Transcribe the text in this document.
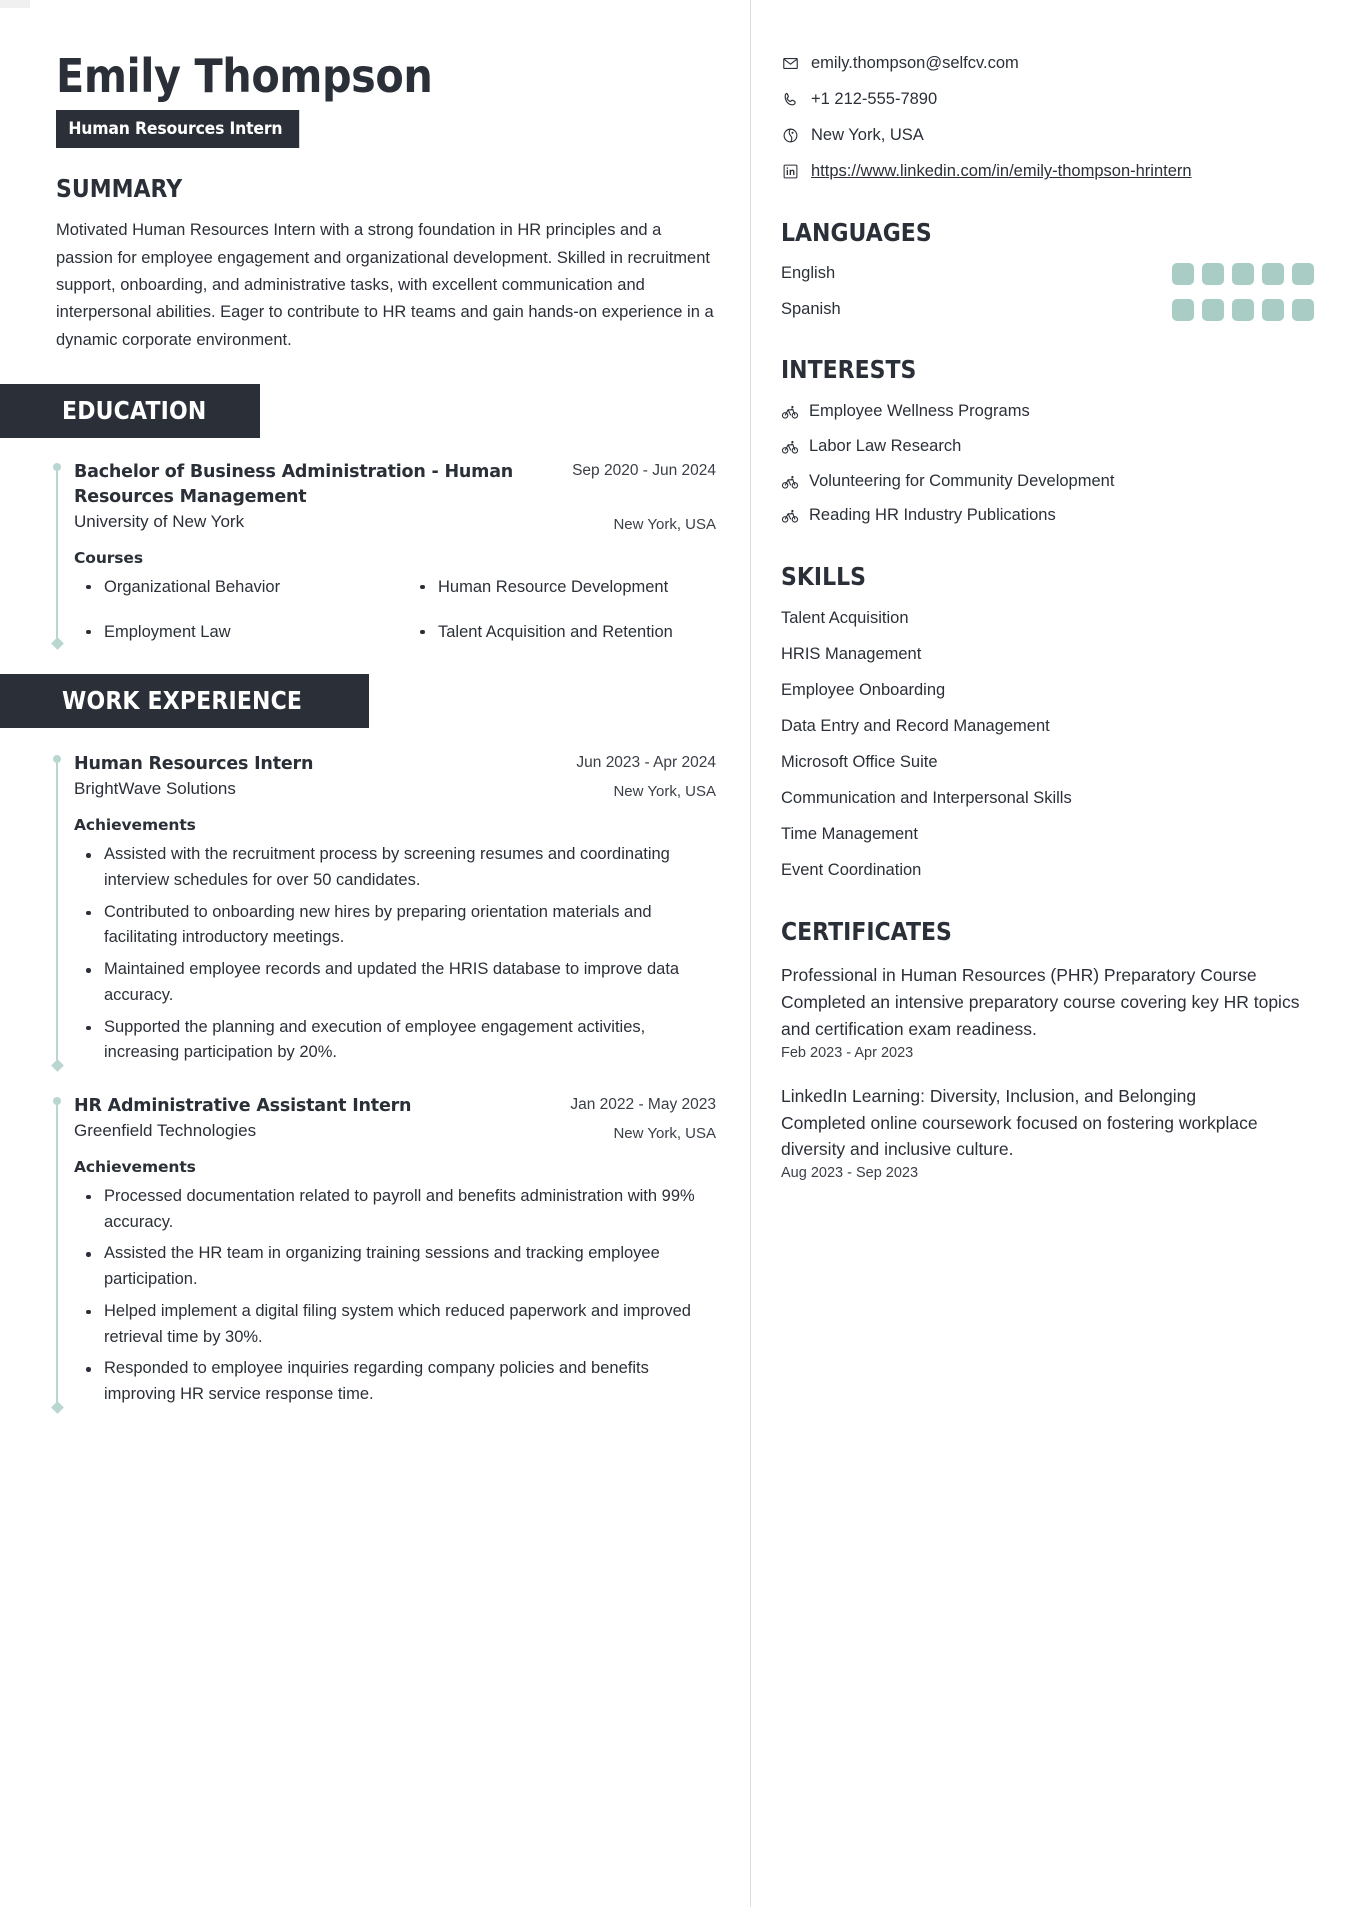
Emily Thompson
Human Resources Intern
SUMMARY

Motivated Human Resources Intern with a strong foundation in HR principles and a passion for employee engagement and organizational development. Skilled in recruitment support, onboarding, and administrative tasks, with excellent communication and interpersonal abilities. Eager to contribute to HR teams and gain hands-on experience in a dynamic corporate environment.

EDUCATION
Bachelor of Business Administration - Human Resources Management
Sep 2020 - Jun 2024
University of New York	New York, USA
Courses
Organizational Behavior	Human Resource Development
Employment Law	Talent Acquisition and Retention
WORK EXPERIENCE
Human Resources Intern	Jun 2023 - Apr 2024
BrightWave Solutions	New York, USA
Achievements
Assisted with the recruitment process by screening resumes and coordinating interview schedules for over 50 candidates.
Contributed to onboarding new hires by preparing orientation materials and facilitating introductory meetings.
Maintained employee records and updated the HRIS database to improve data accuracy.
Supported the planning and execution of employee engagement activities, increasing participation by 20%.
HR Administrative Assistant Intern	Jan 2022 - May 2023
Greenfield Technologies	New York, USA
Achievements
Processed documentation related to payroll and benefits administration with 99% accuracy.
Assisted the HR team in organizing training sessions and tracking employee participation.
Helped implement a digital filing system which reduced paperwork and improved retrieval time by 30%.
Responded to employee inquiries regarding company policies and benefits improving HR service response time.
emily.thompson@selfcv.com
+1 212-555-7890
New York, USA
https://www.linkedin.com/in/emily-thompson-hrintern
LANGUAGES
English
Spanish
INTERESTS
Employee Wellness Programs
Labor Law Research
Volunteering for Community Development
Reading HR Industry Publications
SKILLS
Talent Acquisition
HRIS Management
Employee Onboarding
Data Entry and Record Management
Microsoft Office Suite
Communication and Interpersonal Skills
Time Management
Event Coordination
CERTIFICATES
Professional in Human Resources (PHR) Preparatory Course
Completed an intensive preparatory course covering key HR topics and certification exam readiness.
Feb 2023 - Apr 2023
LinkedIn Learning: Diversity, Inclusion, and Belonging
Completed online coursework focused on fostering workplace diversity and inclusive culture.
Aug 2023 - Sep 2023
